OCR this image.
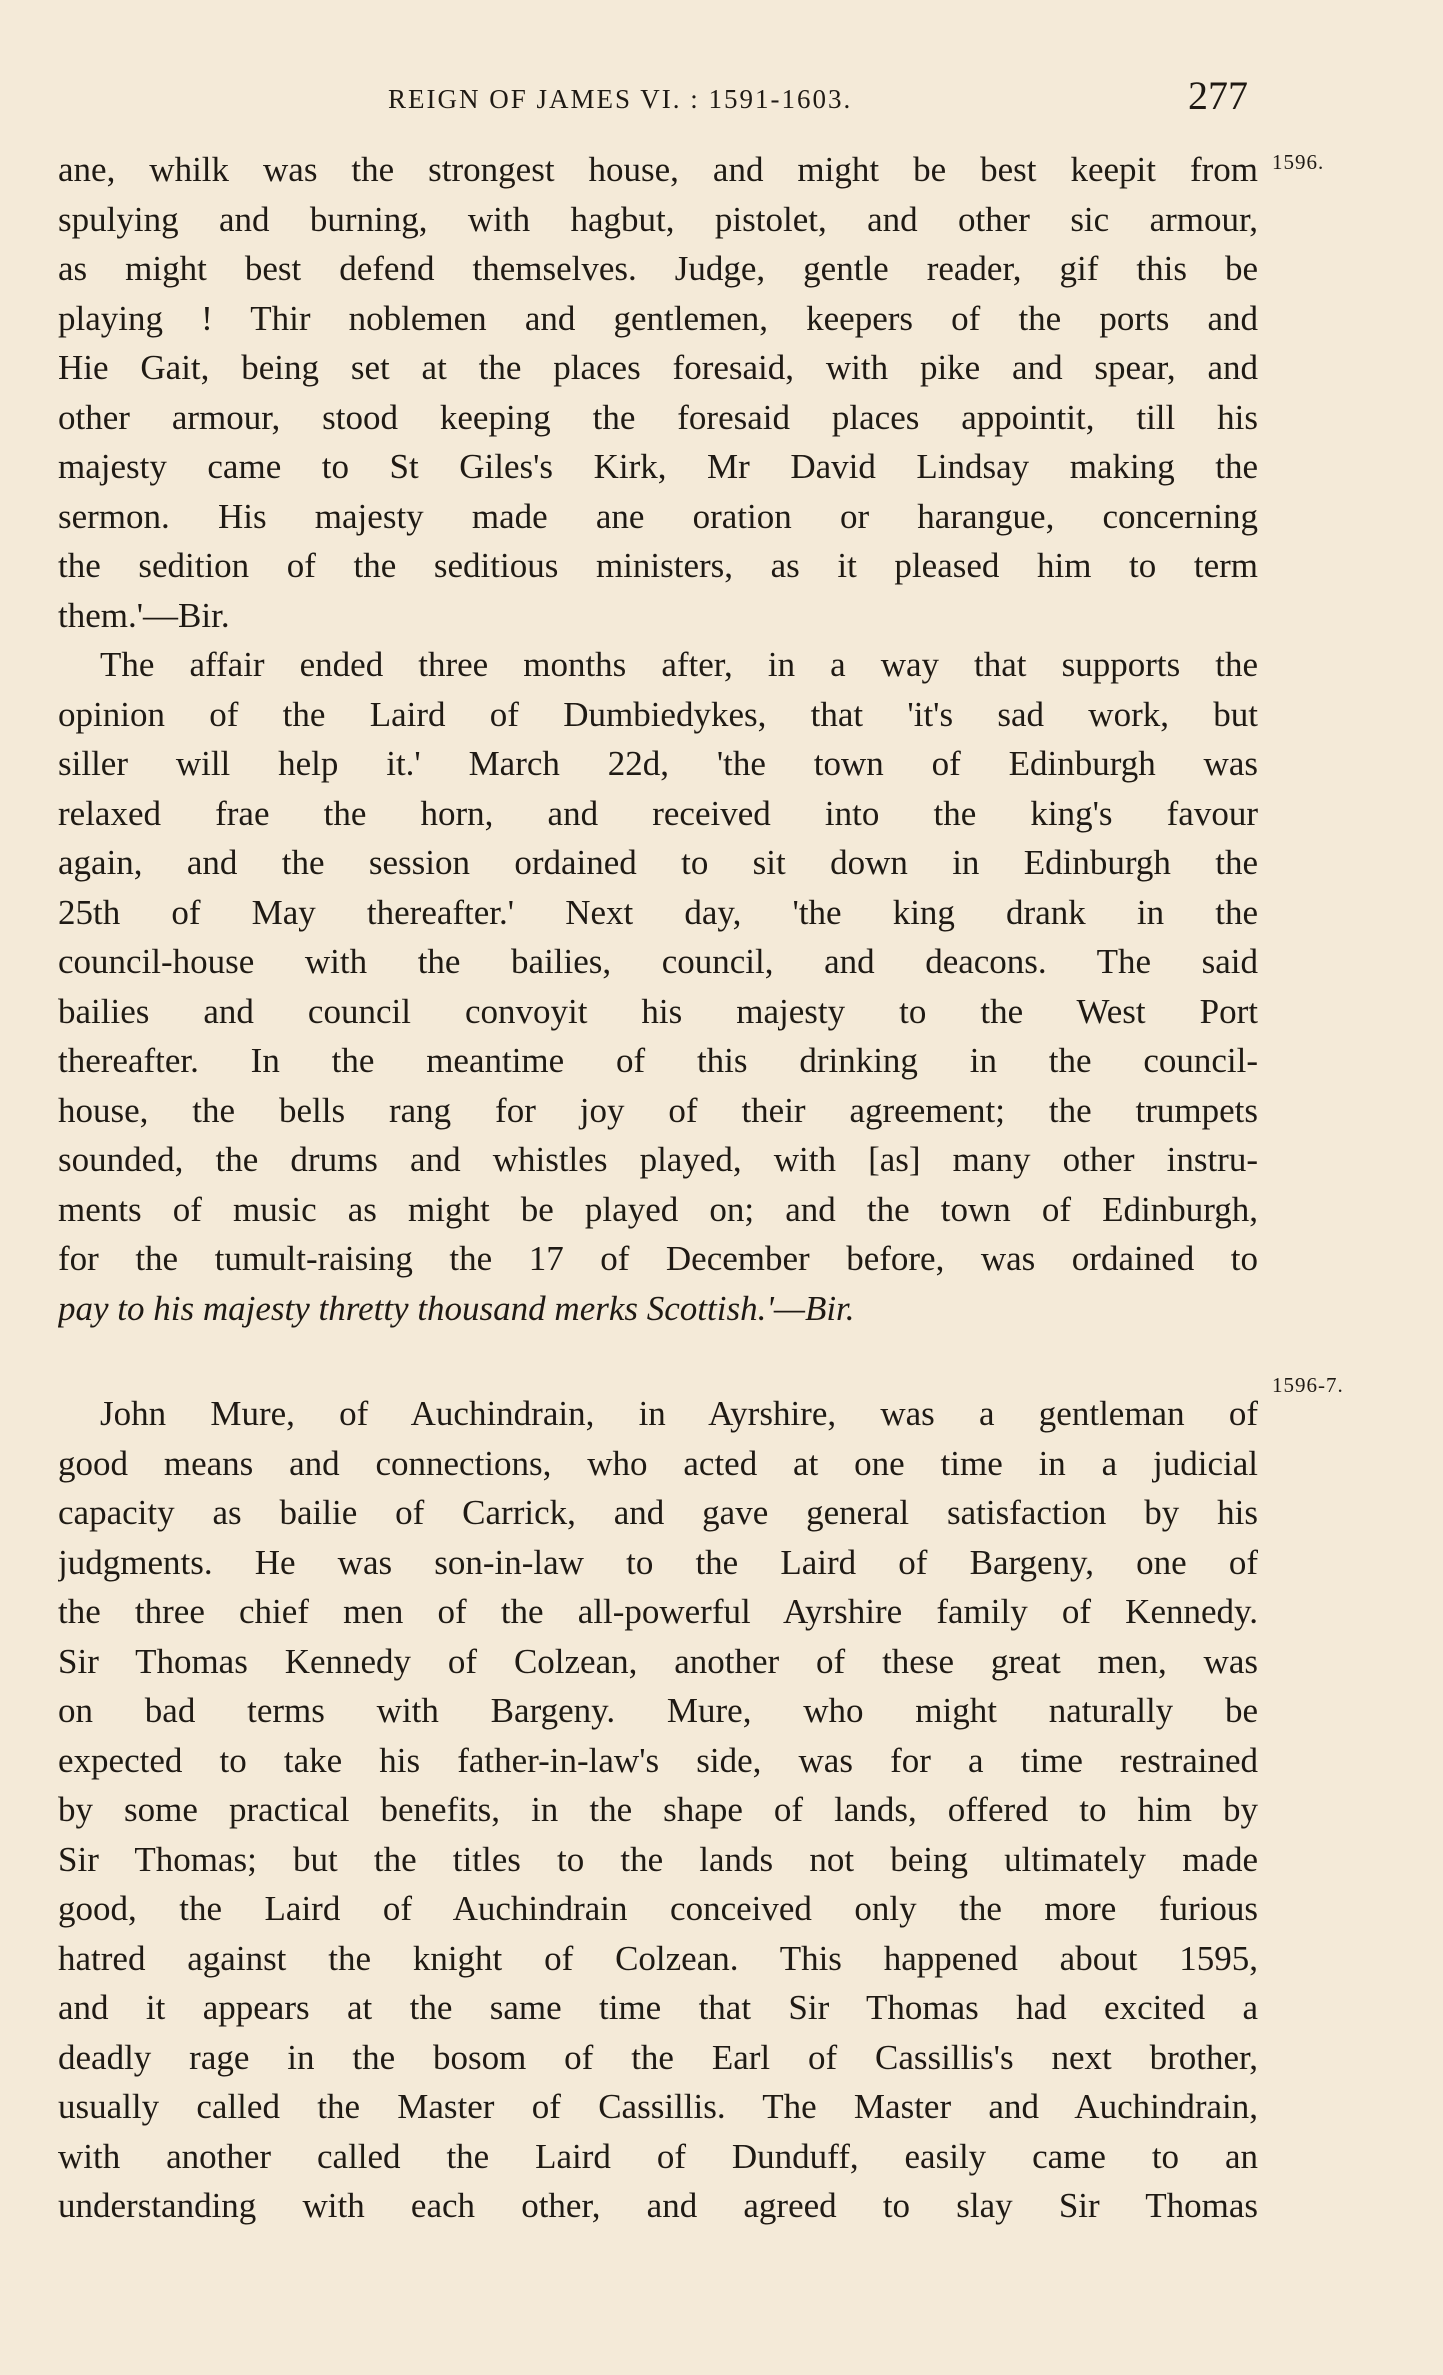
REIGN OF JAMES VI. : 1591-1603.	277
1596.
1596-7.
ane, whilk was the strongest house, and might be best keepit from
spulying and burning, with hagbut, pistolet, and other sic armour,
as might best defend themselves. Judge, gentle reader, gif this be
playing ! Thir noblemen and gentlemen, keepers of the ports and
Hie Gait, being set at the places foresaid, with pike and spear, and
other armour, stood keeping the foresaid places appointit, till his
majesty came to St Giles's Kirk, Mr David Lindsay making the
sermon. His majesty made ane oration or harangue, concerning
the sedition of the seditious ministers, as it pleased him to term
them.'—Bir.
The affair ended three months after, in a way that supports the
opinion of the Laird of Dumbiedykes, that 'it's sad work, but
siller will help it.' March 22d, 'the town of Edinburgh was
relaxed frae the horn, and received into the king's favour
again, and the session ordained to sit down in Edinburgh the
25th of May thereafter.' Next day, 'the king drank in the
council-house with the bailies, council, and deacons. The said
bailies and council convoyit his majesty to the West Port
thereafter. In the meantime of this drinking in the council-
house, the bells rang for joy of their agreement; the trumpets
sounded, the drums and whistles played, with [as] many other instru-
ments of music as might be played on; and the town of Edinburgh,
for the tumult-raising the 17 of December before, was ordained to
pay to his majesty thretty thousand merks Scottish.'—Bir.
John Mure, of Auchindrain, in Ayrshire, was a gentleman of
good means and connections, who acted at one time in a judicial
capacity as bailie of Carrick, and gave general satisfaction by his
judgments. He was son-in-law to the Laird of Bargeny, one of
the three chief men of the all-powerful Ayrshire family of Kennedy.
Sir Thomas Kennedy of Colzean, another of these great men, was
on bad terms with Bargeny. Mure, who might naturally be
expected to take his father-in-law's side, was for a time restrained
by some practical benefits, in the shape of lands, offered to him by
Sir Thomas; but the titles to the lands not being ultimately made
good, the Laird of Auchindrain conceived only the more furious
hatred against the knight of Colzean. This happened about 1595,
and it appears at the same time that Sir Thomas had excited a
deadly rage in the bosom of the Earl of Cassillis's next brother,
usually called the Master of Cassillis. The Master and Auchindrain,
with another called the Laird of Dunduff, easily came to an
understanding with each other, and agreed to slay Sir Thomas
